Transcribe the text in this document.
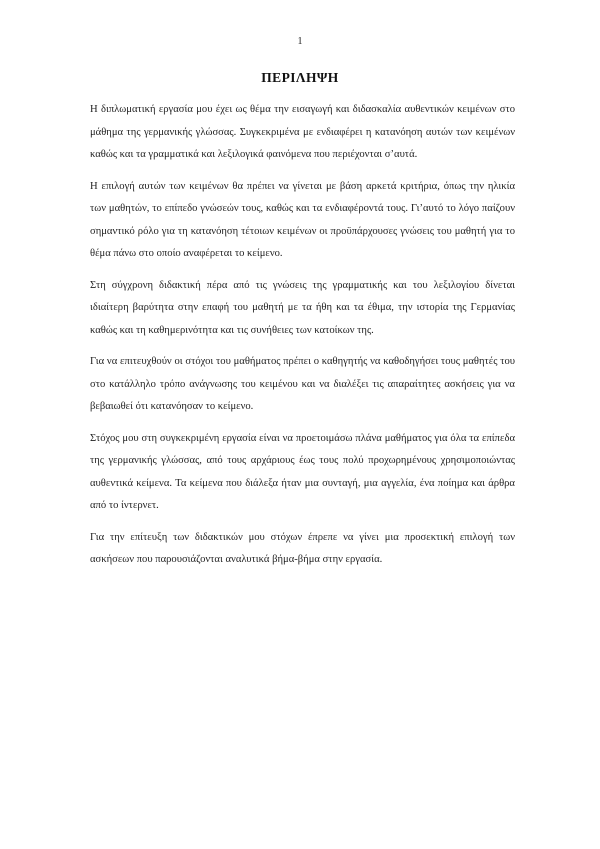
1
ΠΕΡΙΛΗΨΗ

Η διπλωματική εργασία μου έχει ως θέμα την εισαγωγή και διδασκαλία αυθεντικών κειμένων στο μάθημα της γερμανικής γλώσσας. Συγκεκριμένα με ενδιαφέρει η κατανόηση αυτών των κειμένων καθώς και τα γραμματικά και λεξιλογικά φαινόμενα που περιέχονται σ’αυτά.

Η επιλογή αυτών των κειμένων θα πρέπει να γίνεται με βάση αρκετά κριτήρια, όπως την ηλικία των μαθητών, το επίπεδο γνώσεών τους, καθώς και τα ενδιαφέροντά τους. Γι’αυτό το λόγο παίζουν σημαντικό ρόλο για τη κατανόηση τέτοιων κειμένων οι προϋπάρχουσες γνώσεις του μαθητή για το θέμα πάνω στο οποίο αναφέρεται το κείμενο.

Στη σύγχρονη διδακτική πέρα από τις γνώσεις της γραμματικής και του λεξιλογίου δίνεται ιδιαίτερη βαρύτητα στην επαφή του μαθητή με τα ήθη και τα έθιμα, την ιστορία της Γερμανίας καθώς και τη καθημερινότητα και τις συνήθειες των κατοίκων της.

Για να επιτευχθούν οι στόχοι του μαθήματος πρέπει ο καθηγητής να καθοδηγήσει τους μαθητές του στο κατάλληλο τρόπο ανάγνωσης του κειμένου και να διαλέξει τις απαραίτητες ασκήσεις για να βεβαιωθεί ότι κατανόησαν το κείμενο.

Στόχος μου στη συγκεκριμένη εργασία είναι να προετοιμάσω πλάνα μαθήματος για όλα τα επίπεδα της γερμανικής γλώσσας, από τους αρχάριους έως τους πολύ προχωρημένους χρησιμοποιώντας αυθεντικά κείμενα. Τα κείμενα που διάλεξα ήταν μια συνταγή, μια αγγελία, ένα ποίημα και άρθρα από το ίντερνετ.

Για την επίτευξη των διδακτικών μου στόχων έπρεπε να γίνει μια προσεκτική επιλογή των ασκήσεων που παρουσιάζονται αναλυτικά βήμα-βήμα στην εργασία.
